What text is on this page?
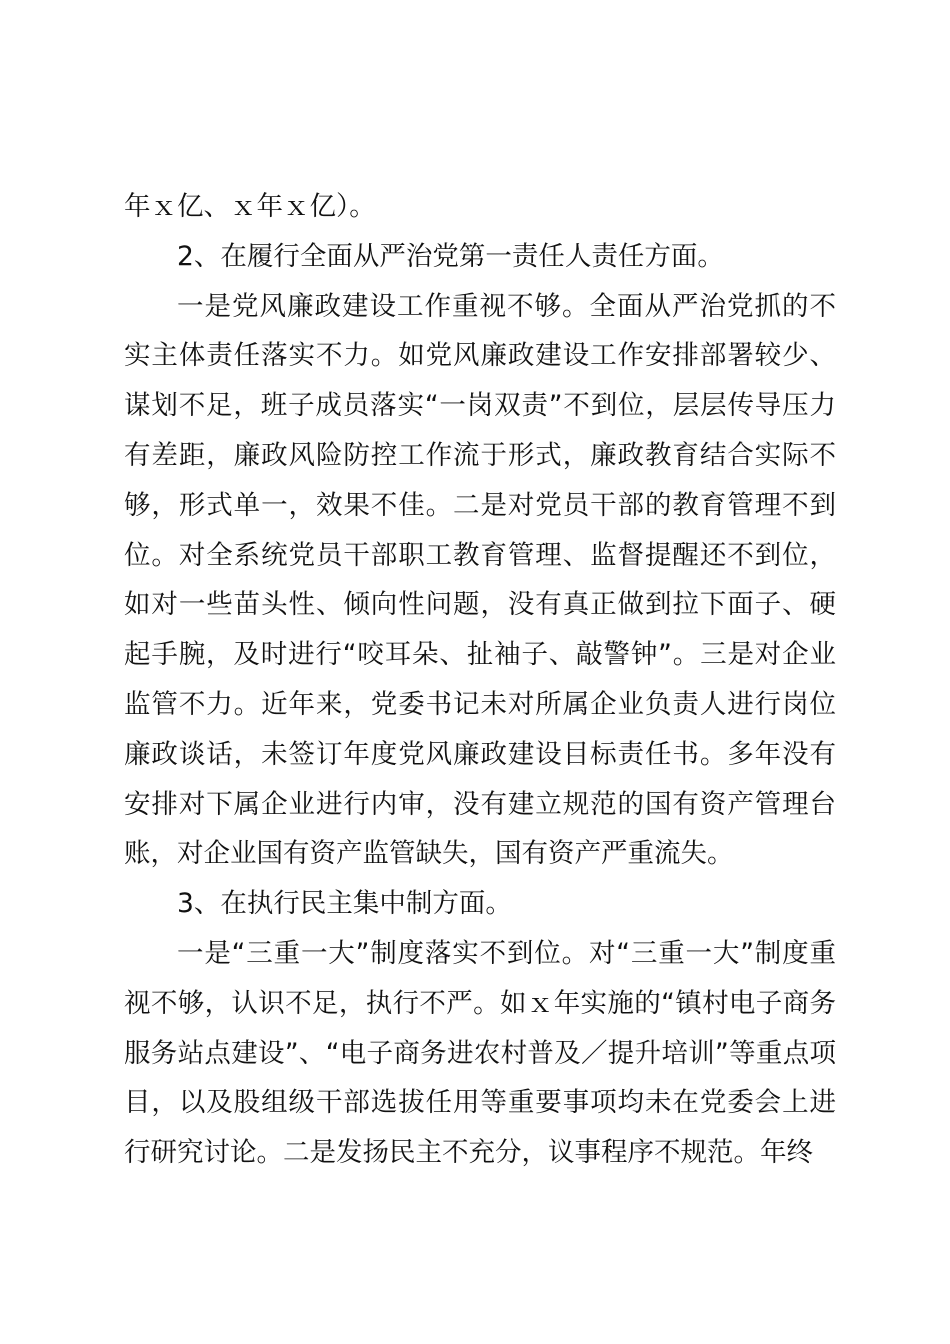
年ｘ亿、ｘ年ｘ亿）。

2、在履行全面从严治党第一责任人责任方面。

一是党风廉政建设工作重视不够。全面从严治党抓的不实主体责任落实不力。如党风廉政建设工作安排部署较少、谋划不足，班子成员落实“一岗双责”不到位，层层传导压力有差距，廉政风险防控工作流于形式，廉政教育结合实际不够，形式单一，效果不佳。二是对党员干部的教育管理不到位。对全系统党员干部职工教育管理、监督提醒还不到位，如对一些苗头性、倾向性问题，没有真正做到拉下面子、硬起手腕，及时进行“咬耳朵、扯袖子、敲警钟”。三是对企业监管不力。近年来，党委书记未对所属企业负责人进行岗位廉政谈话，未签订年度党风廉政建设目标责任书。多年没有安排对下属企业进行内审，没有建立规范的国有资产管理台账，对企业国有资产监管缺失，国有资产严重流失。

3、在执行民主集中制方面。

一是“三重一大”制度落实不到位。对“三重一大”制度重视不够，认识不足，执行不严。如ｘ年实施的“镇村电子商务服务站点建设”、“电子商务进农村普及／提升培训”等重点项目，以及股组级干部选拔任用等重要事项均未在党委会上进行研究讨论。二是发扬民主不充分，议事程序不规范。年终
